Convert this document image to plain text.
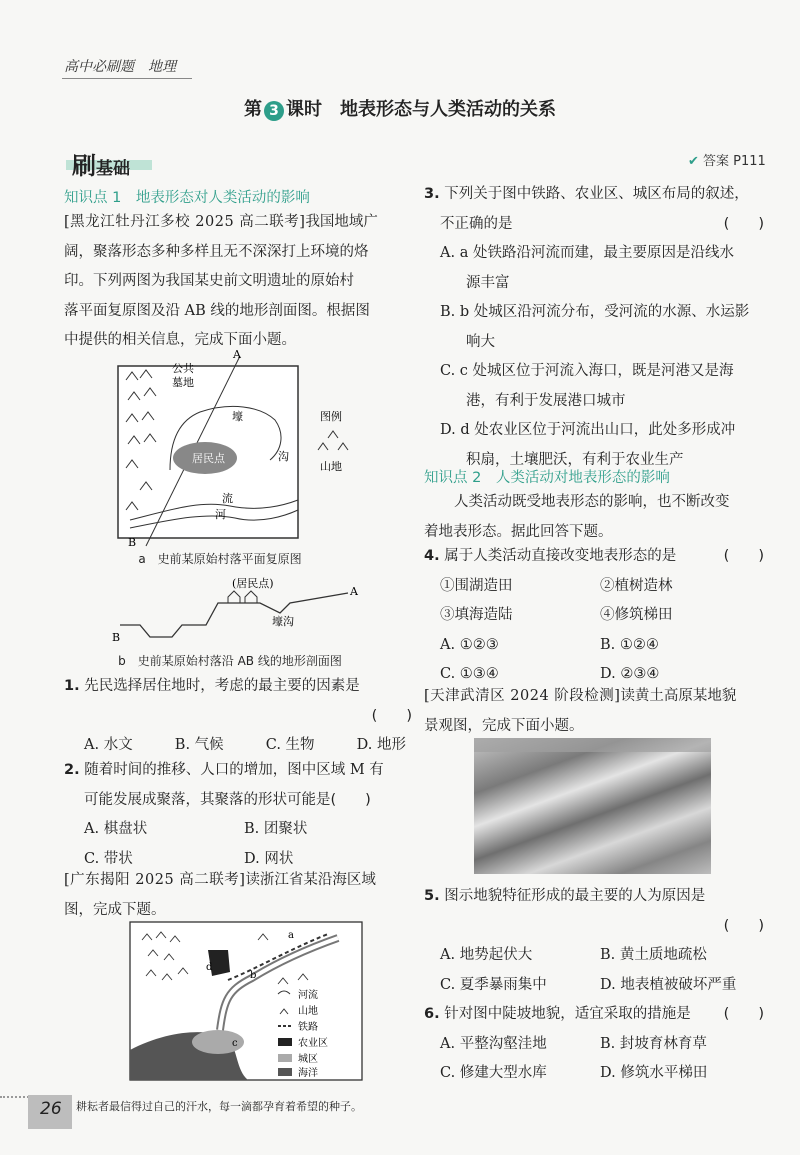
高中必刷题　地理
第 3 课时　地表形态与人类活动的关系
刷基础	✔ 答案 P111
知识点 1　地表形态对人类活动的影响
[黑龙江牡丹江多校 2025 高二联考]我国地域广
阔，聚落形态多种多样且无不深深打上环境的烙
印。下列两图为我国某史前文明遗址的原始村
落平面复原图及沿 AB 线的地形剖面图。根据图
中提供的相关信息，完成下面小题。
A
B
公共
墓地
居民点
壕
沟
河
流
图例
山地
a　史前某原始村落平面复原图
(居民点)
壕沟
A
B
b　史前某原始村落沿 AB 线的地形剖面图
1. 先民选择居住地时，考虑的最主要的因素是
(　　)
A. 水文	B. 气候	C. 生物	D. 地形
2. 随着时间的推移、人口的增加，图中区域 M 有
可能发展成聚落，其聚落的形状可能是(　　)
A. 棋盘状	B. 团聚状
C. 带状	D. 网状
[广东揭阳 2025 高二联考]读浙江省某沿海区域
图，完成下题。
d
a
b
c
河流
山地
铁路
农业区
城区
海洋
3. 下列关于图中铁路、农业区、城区布局的叙述，
不正确的是	(　　)
A. a 处铁路沿河流而建，最主要原因是沿线水
源丰富
B. b 处城区沿河流分布，受河流的水源、水运影
响大
C. c 处城区位于河流入海口，既是河港又是海
港，有利于发展港口城市
D. d 处农业区位于河流出山口，此处多形成冲
积扇，土壤肥沃，有利于农业生产
知识点 2　人类活动对地表形态的影响
人类活动既受地表形态的影响，也不断改变
着地表形态。据此回答下题。
4. 属于人类活动直接改变地表形态的是	(　　)
①围湖造田	②植树造林
③填海造陆	④修筑梯田
A. ①②③	B. ①②④
C. ①③④	D. ②③④
[天津武清区 2024 阶段检测]读黄土高原某地貌
景观图，完成下面小题。
5. 图示地貌特征形成的最主要的人为原因是
(　　)
A. 地势起伏大	B. 黄土质地疏松
C. 夏季暴雨集中	D. 地表植被破坏严重
6. 针对图中陡坡地貌，适宜采取的措施是 (　　)
A. 平整沟壑洼地	B. 封坡育林育草
C. 修建大型水库	D. 修筑水平梯田
26 耕耘者最信得过自己的汗水，每一滴都孕育着希望的种子。
